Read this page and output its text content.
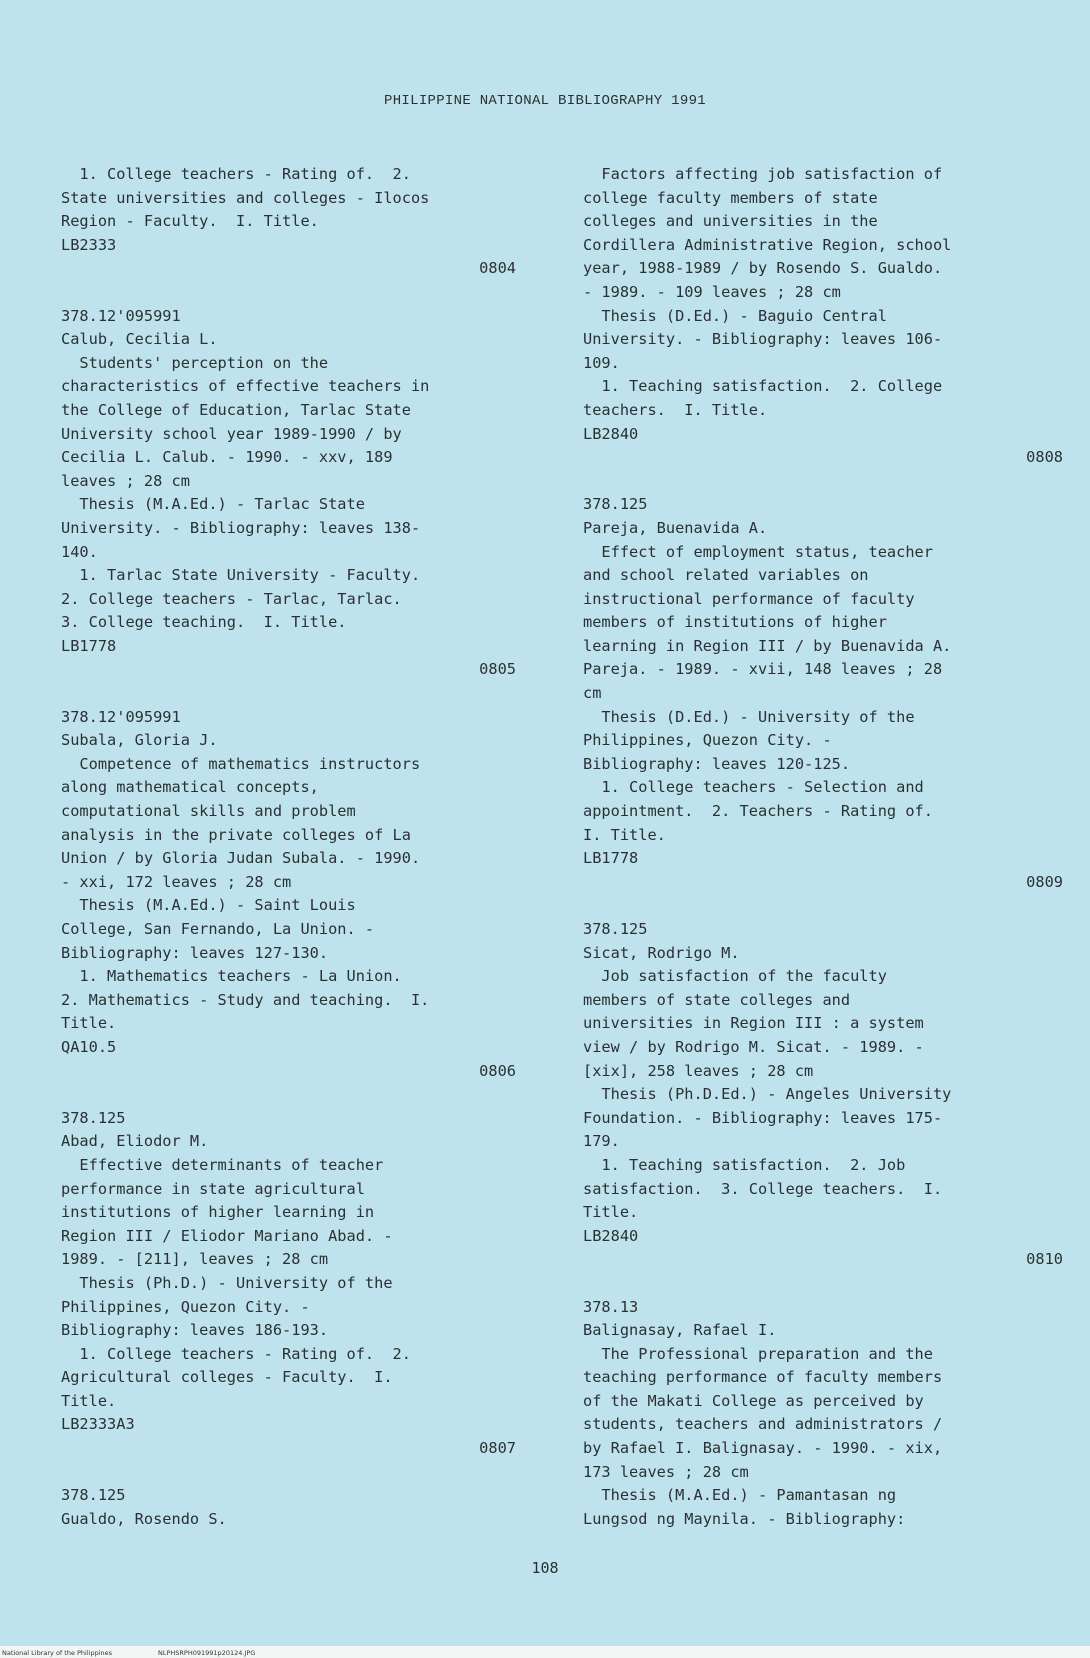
PHILIPPINE NATIONAL BIBLIOGRAPHY 1991
1. College teachers - Rating of.  2.
State universities and colleges - Ilocos
Region - Faculty.  I. Title.
LB2333
0804
378.12'095991
Calub, Cecilia L.
Students' perception on the
characteristics of effective teachers in
the College of Education, Tarlac State
University school year 1989-1990 / by
Cecilia L. Calub. - 1990. - xxv, 189
leaves ; 28 cm
Thesis (M.A.Ed.) - Tarlac State
University. - Bibliography: leaves 138-
140.
1. Tarlac State University - Faculty.
2. College teachers - Tarlac, Tarlac.
3. College teaching.  I. Title.
LB1778
0805
378.12'095991
Subala, Gloria J.
Competence of mathematics instructors
along mathematical concepts,
computational skills and problem
analysis in the private colleges of La
Union / by Gloria Judan Subala. - 1990.
- xxi, 172 leaves ; 28 cm
Thesis (M.A.Ed.) - Saint Louis
College, San Fernando, La Union. -
Bibliography: leaves 127-130.
1. Mathematics teachers - La Union.
2. Mathematics - Study and teaching.  I.
Title.
QA10.5
0806
378.125
Abad, Eliodor M.
Effective determinants of teacher
performance in state agricultural
institutions of higher learning in
Region III / Eliodor Mariano Abad. -
1989. - [211], leaves ; 28 cm
Thesis (Ph.D.) - University of the
Philippines, Quezon City. -
Bibliography: leaves 186-193.
1. College teachers - Rating of.  2.
Agricultural colleges - Faculty.  I.
Title.
LB2333A3
0807
378.125
Gualdo, Rosendo S.
Factors affecting job satisfaction of
college faculty members of state
colleges and universities in the
Cordillera Administrative Region, school
year, 1988-1989 / by Rosendo S. Gualdo.
- 1989. - 109 leaves ; 28 cm
Thesis (D.Ed.) - Baguio Central
University. - Bibliography: leaves 106-
109.
1. Teaching satisfaction.  2. College
teachers.  I. Title.
LB2840
0808
378.125
Pareja, Buenavida A.
Effect of employment status, teacher
and school related variables on
instructional performance of faculty
members of institutions of higher
learning in Region III / by Buenavida A.
Pareja. - 1989. - xvii, 148 leaves ; 28
cm
Thesis (D.Ed.) - University of the
Philippines, Quezon City. -
Bibliography: leaves 120-125.
1. College teachers - Selection and
appointment.  2. Teachers - Rating of.
I. Title.
LB1778
0809
378.125
Sicat, Rodrigo M.
Job satisfaction of the faculty
members of state colleges and
universities in Region III : a system
view / by Rodrigo M. Sicat. - 1989. -
[xix], 258 leaves ; 28 cm
Thesis (Ph.D.Ed.) - Angeles University
Foundation. - Bibliography: leaves 175-
179.
1. Teaching satisfaction.  2. Job
satisfaction.  3. College teachers.  I.
Title.
LB2840
0810
378.13
Balignasay, Rafael I.
The Professional preparation and the
teaching performance of faculty members
of the Makati College as perceived by
students, teachers and administrators /
by Rafael I. Balignasay. - 1990. - xix,
173 leaves ; 28 cm
Thesis (M.A.Ed.) - Pamantasan ng
Lungsod ng Maynila. - Bibliography:
108
National Library of the Philippines	NLPHSRPH091991p20124.JPG
